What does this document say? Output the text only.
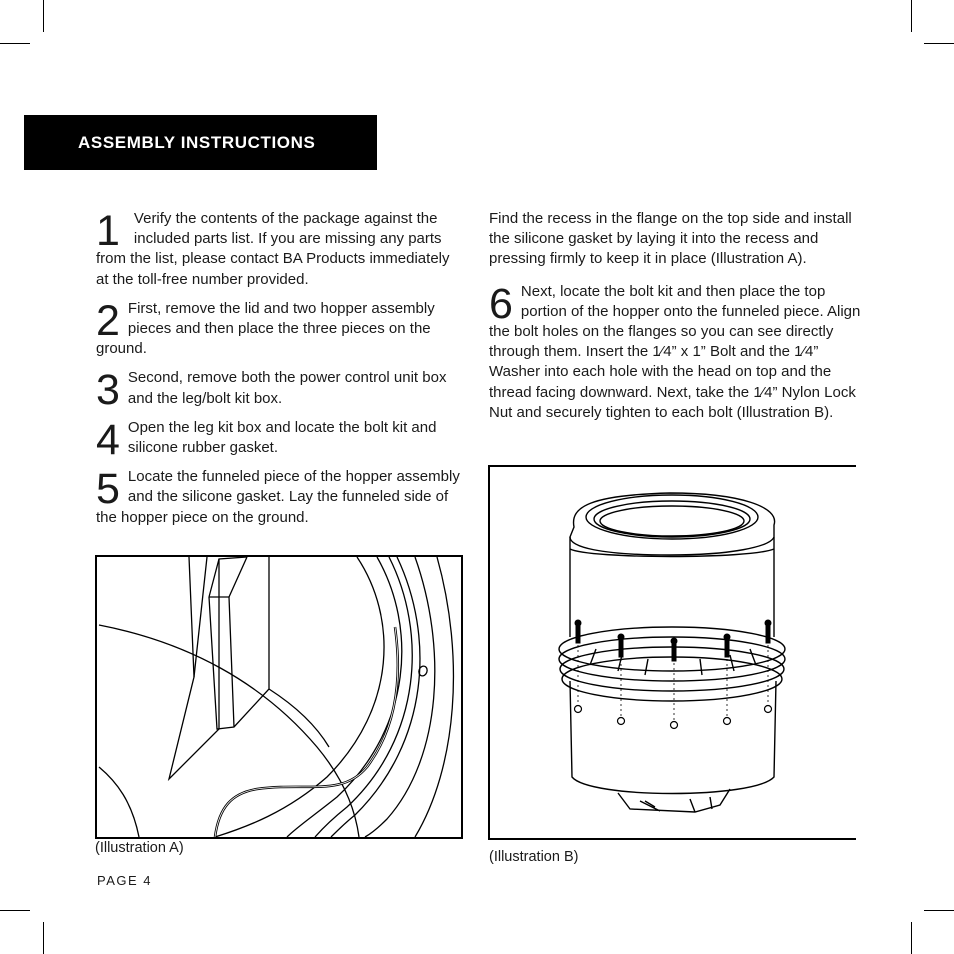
ASSEMBLY INSTRUCTIONS
1 Verify the contents of the package against the included parts list. If you are missing any parts from the list, please contact BA Products immediately at the toll-free number provided.

2 First, remove the lid and two hopper assembly pieces and then place the three pieces on the ground.

3 Second, remove both the power control unit box and the leg/bolt kit box.

4 Open the leg kit box and locate the bolt kit and silicone rubber gasket.

5 Locate the funneled piece of the hopper assembly and the silicone gasket. Lay the funneled side of the hopper piece on the ground.

Find the recess in the flange on the top side and install the silicone gasket by laying it into the recess and pressing firmly to keep it in place (Illustration A).

6 Next, locate the bolt kit and then place the top portion of the hopper onto the funneled piece. Align the bolt holes on the flanges so you can see directly through them. Insert the 1⁄4” x 1” Bolt and the 1⁄4” Washer into each hole with the head on top and the thread facing downward. Next, take the 1⁄4” Nylon Lock Nut and securely tighten to each bolt (Illustration B).

(Illustration A)
(Illustration B)
PAGE 4
